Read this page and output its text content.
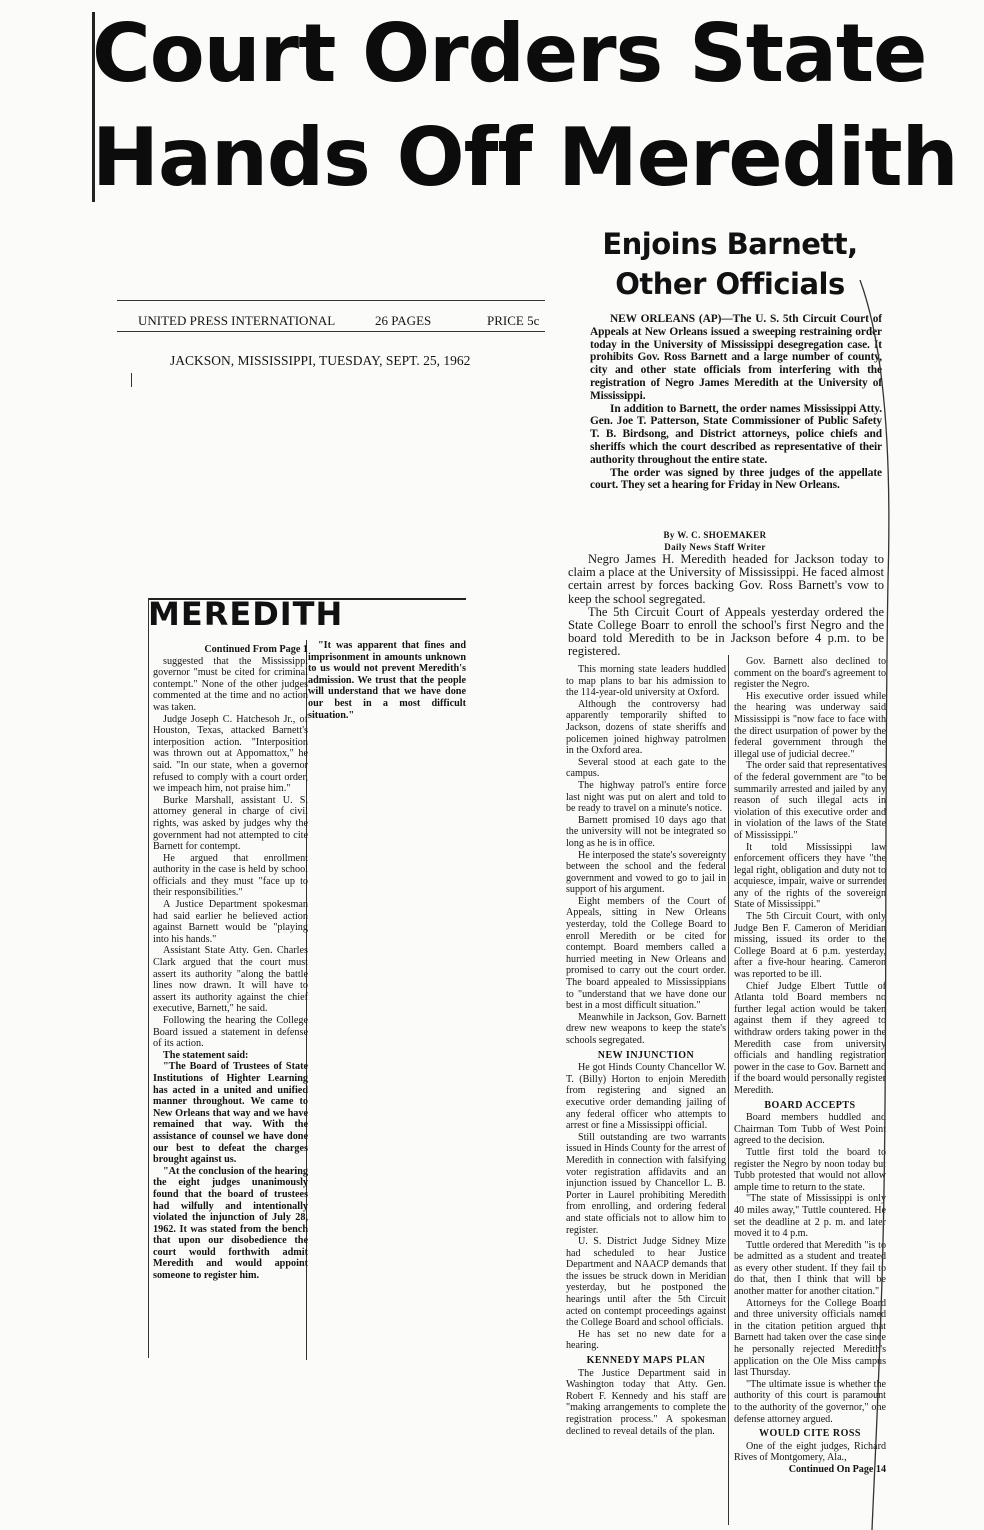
Court Orders State
Hands Off Meredith
Enjoins Barnett,
Other Officials
UNITED PRESS INTERNATIONAL	26 PAGES	PRICE 5c
JACKSON, MISSISSIPPI, TUESDAY, SEPT. 25, 1962

NEW ORLEANS (AP)—The U. S. 5th Circuit Court of Appeals at New Orleans issued a sweeping restraining order today in the University of Mississippi desegregation case. It prohibits Gov. Ross Barnett and a large number of county, city and other state officials from interfering with the registration of Negro James Meredith at the University of Mississippi.

In addition to Barnett, the order names Mississippi Atty. Gen. Joe T. Patterson, State Commissioner of Public Safety T. B. Birdsong, and District attorneys, police chiefs and sheriffs which the court described as representative of their authority throughout the entire state.

The order was signed by three judges of the appellate court. They set a hearing for Friday in New Orleans.

By W. C. SHOEMAKER
Daily News Staff Writer

Negro James H. Meredith headed for Jackson today to claim a place at the University of Mississippi. He faced almost certain arrest by forces backing Gov. Ross Barnett's vow to keep the school segregated.

The 5th Circuit Court of Appeals yesterday ordered the State College Boarr to enroll the school's first Negro and the board told Meredith to be in Jackson before 4 p.m. to be registered.

This morning state leaders huddled to map plans to bar his admission to the 114-year-old university at Oxford.

Although the controversy had apparently temporarily shifted to Jackson, dozens of state sheriffs and policemen joined highway patrolmen in the Oxford area.

Several stood at each gate to the campus.

The highway patrol's entire force last night was put on alert and told to be ready to travel on a minute's notice.

Barnett promised 10 days ago that the university will not be integrated so long as he is in office.

He interposed the state's sovereignty between the school and the federal government and vowed to go to jail in support of his argument.

Eight members of the Court of Appeals, sitting in New Orleans yesterday, told the College Board to enroll Meredith or be cited for contempt. Board members called a hurried meeting in New Orleans and promised to carry out the court order. The board appealed to Mississippians to "understand that we have done our best in a most difficult situation."

Meanwhile in Jackson, Gov. Barnett drew new weapons to keep the state's schools segregated.

NEW INJUNCTION

He got Hinds County Chancellor W. T. (Billy) Horton to enjoin Meredith from registering and signed an executive order demanding jailing of any federal officer who attempts to arrest or fine a Mississippi official.

Still outstanding are two warrants issued in Hinds County for the arrest of Meredith in connection with falsifying voter registration affidavits and an injunction issued by Chancellor L. B. Porter in Laurel prohibiting Meredith from enrolling, and ordering federal and state officials not to allow him to register.

U. S. District Judge Sidney Mize had scheduled to hear Justice Department and NAACP demands that the issues be struck down in Meridian yesterday, but he postponed the hearings until after the 5th Circuit acted on contempt proceedings against the College Board and school officials.

He has set no new date for a hearing.

KENNEDY MAPS PLAN

The Justice Department said in Washington today that Atty. Gen. Robert F. Kennedy and his staff are "making arrangements to complete the registration process." A spokesman declined to reveal details of the plan.

Gov. Barnett also declined to comment on the board's agreement to register the Negro.

His executive order issued while the hearing was underway said Mississippi is "now face to face with the direct usurpation of power by the federal government through the illegal use of judicial decree."

The order said that representatives of the federal government are "to be summarily arrested and jailed by any reason of such illegal acts in violation of this executive order and in violation of the laws of the State of Mississippi."

It told Mississippi law enforcement officers they have "the legal right, obligation and duty not to acquiesce, impair, waive or surrender any of the rights of the sovereign State of Mississippi."

The 5th Circuit Court, with only Judge Ben F. Cameron of Meridian missing, issued its order to the College Board at 6 p.m. yesterday, after a five-hour hearing. Cameron was reported to be ill.

Chief Judge Elbert Tuttle of Atlanta told Board members no further legal action would be taken against them if they agreed to withdraw orders taking power in the Meredith case from university officials and handling registration power in the case to Gov. Barnett and if the board would personally register Meredith.

BOARD ACCEPTS

Board members huddled and Chairman Tom Tubb of West Point agreed to the decision.

Tuttle first told the board to register the Negro by noon today but Tubb protested that would not allow ample time to return to the state.

"The state of Mississippi is only 40 miles away," Tuttle countered. He set the deadline at 2 p. m. and later moved it to 4 p.m.

Tuttle ordered that Meredith "is to be admitted as a student and treated as every other student. If they fail to do that, then I think that will be another matter for another citation."

Attorneys for the College Board and three university officials named in the citation petition argued that Barnett had taken over the case since he personally rejected Meredith's application on the Ole Miss campus last Thursday.

"The ultimate issue is whether the authority of this court is paramount to the authority of the governor," one defense attorney argued.

WOULD CITE ROSS

One of the eight judges, Richard Rives of Montgomery, Ala.,

Continued On Page 14

MEREDITH

Continued From Page 1

suggested that the Mississippi governor "must be cited for criminal contempt." None of the other judges commented at the time and no action was taken.

Judge Joseph C. Hatchesoh Jr., of Houston, Texas, attacked Barnett's interposition action. "Interposition was thrown out at Appomattox," he said. "In our state, when a governor refused to comply with a court order, we impeach him, not praise him."

Burke Marshall, assistant U. S. attorney general in charge of civil rights, was asked by judges why the government had not attempted to cite Barnett for contempt.

He argued that enrollment authority in the case is held by school officials and they must "face up to their responsibilities."

A Justice Department spokesman had said earlier he believed action against Barnett would be "playing into his hands."

Assistant State Atty. Gen. Charles Clark argued that the court must assert its authority "along the battle lines now drawn. It will have to assert its authority against the chief executive, Barnett," he said.

Following the hearing the College Board issued a statement in defense of its action.

The statement said:

"The Board of Trustees of State Institutions of Highter Learning has acted in a united and unified manner throughout. We came to New Orleans that way and we have remained that way. With the assistance of counsel we have done our best to defeat the charges brought against us.

"At the conclusion of the hearing the eight judges unanimously found that the board of trustees had wilfully and intentionally violated the injunction of July 28, 1962. It was stated from the bench that upon our disobedience the court would forthwith admit Meredith and would appoint someone to register him.

"It was apparent that fines and imprisonment in amounts unknown to us would not prevent Meredith's admission. We trust that the people will understand that we have done our best in a most difficult situation."
